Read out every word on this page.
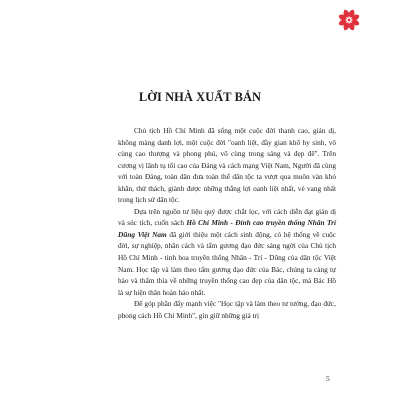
LỜI NHÀ XUẤT BẢN

Chủ tịch Hồ Chí Minh đã sống một cuộc đời thanh cao, giản dị, không màng danh lợi, một cuộc đời "oanh liệt, đầy gian khổ hy sinh, vô cùng cao thượng và phong phú, vô cùng trong sáng và đẹp đẽ". Trên cương vị lãnh tụ tối cao của Đảng và cách mạng Việt Nam, Người đã cùng với toàn Đảng, toàn dân đưa toàn thể dân tộc ta vượt qua muôn vàn khó khăn, thử thách, giành được những thắng lợi oanh liệt nhất, vẻ vang nhất trong lịch sử dân tộc.

Dựa trên nguồn tư liệu quý được chắt lọc, với cách diễn đạt giản dị và súc tích, cuốn sách Hồ Chí Minh - Đỉnh cao truyền thống Nhân Trí Dũng Việt Nam đã giới thiệu một cách sinh động, có hệ thống về cuộc đời, sự nghiệp, nhân cách và tấm gương đạo đức sáng ngời của Chủ tịch Hồ Chí Minh - tinh hoa truyền thống Nhân - Trí - Dũng của dân tộc Việt Nam. Học tập và làm theo tấm gương đạo đức của Bác, chúng ta càng tự hào và thấm thía về những truyền thống cao đẹp của dân tộc, mà Bác Hồ là sự hiện thân hoàn hảo nhất.

Để góp phần đẩy mạnh việc "Học tập và làm theo tư tưởng, đạo đức, phong cách Hồ Chí Minh", gìn giữ những giá trị

5
